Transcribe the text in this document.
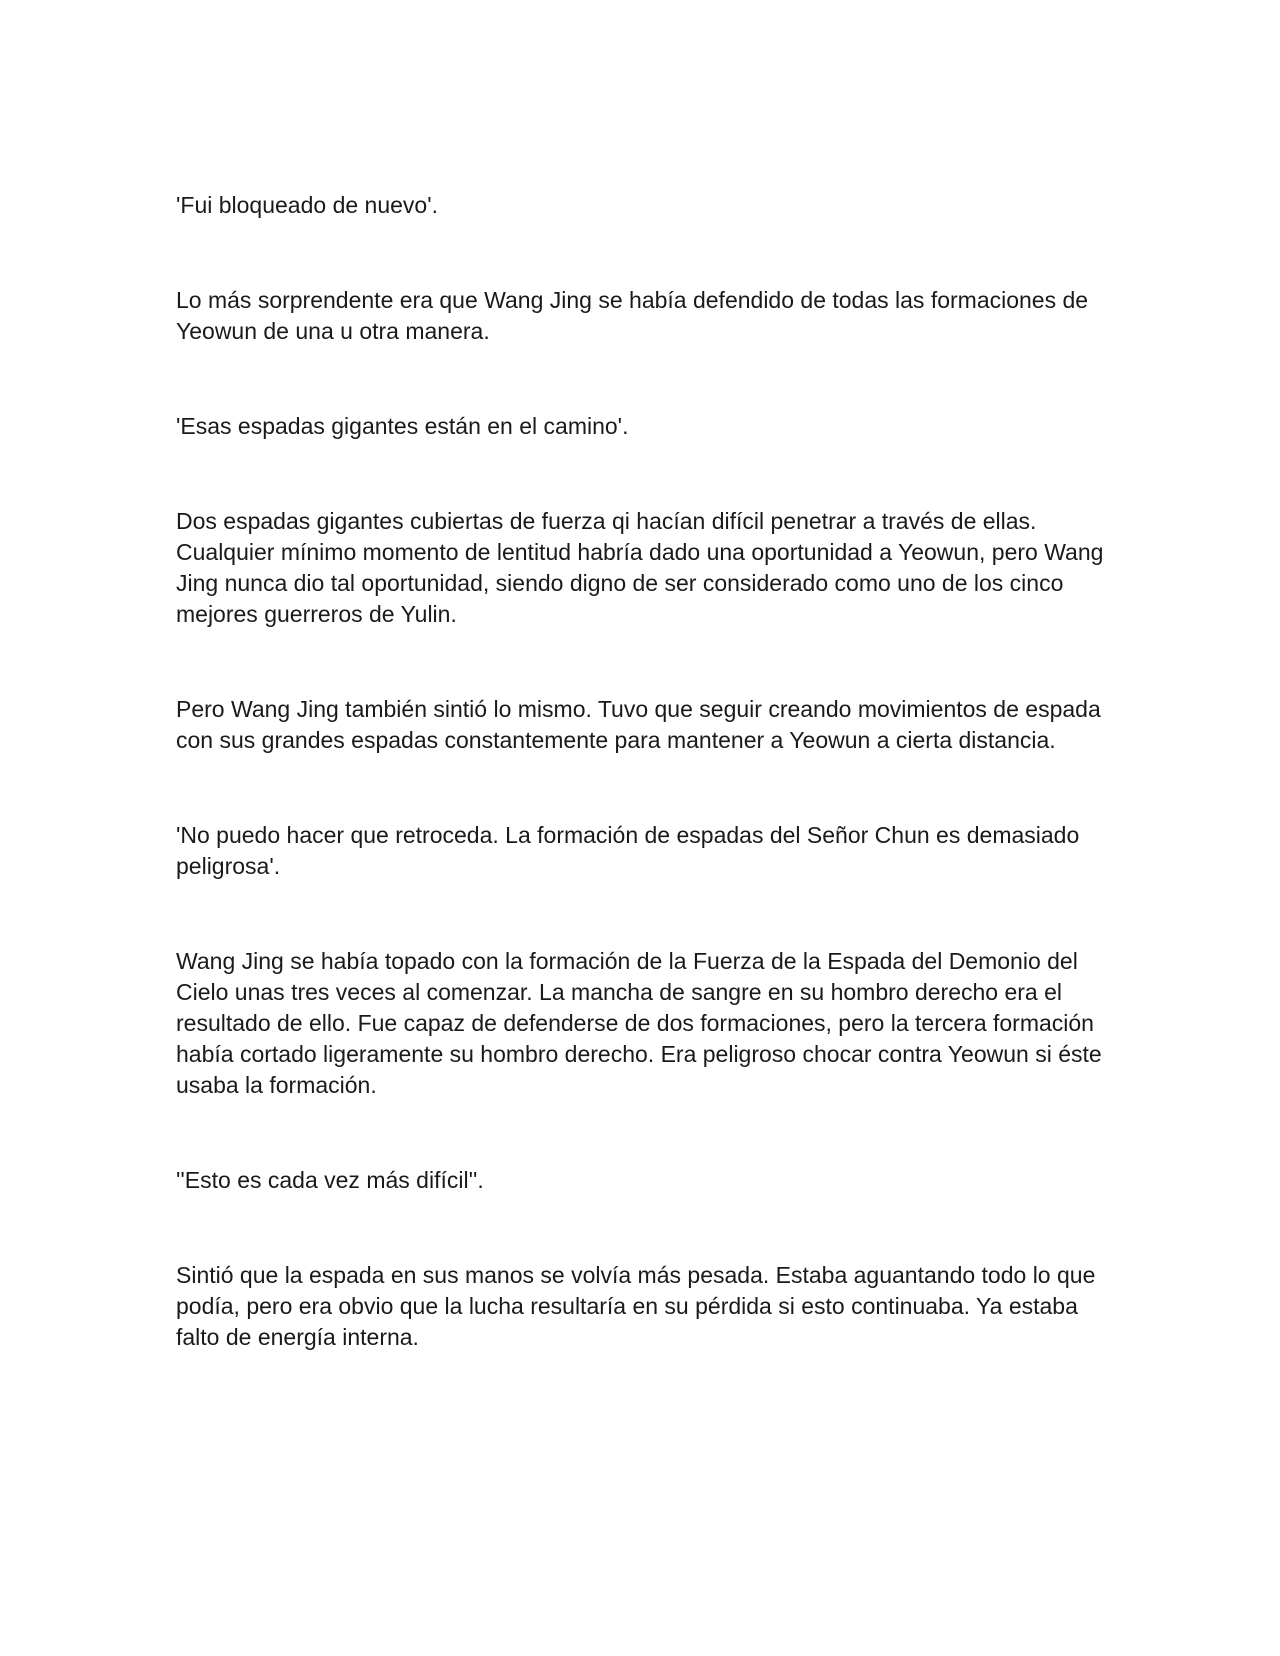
'Fui bloqueado de nuevo'.

Lo más sorprendente era que Wang Jing se había defendido de todas las formaciones de Yeowun de una u otra manera.

'Esas espadas gigantes están en el camino'.

Dos espadas gigantes cubiertas de fuerza qi hacían difícil penetrar a través de ellas. Cualquier mínimo momento de lentitud habría dado una oportunidad a Yeowun, pero Wang Jing nunca dio tal oportunidad, siendo digno de ser considerado como uno de los cinco mejores guerreros de Yulin.

Pero Wang Jing también sintió lo mismo. Tuvo que seguir creando movimientos de espada con sus grandes espadas constantemente para mantener a Yeowun a cierta distancia.

'No puedo hacer que retroceda. La formación de espadas del Señor Chun es demasiado peligrosa'.

Wang Jing se había topado con la formación de la Fuerza de la Espada del Demonio del Cielo unas tres veces al comenzar. La mancha de sangre en su hombro derecho era el resultado de ello. Fue capaz de defenderse de dos formaciones, pero la tercera formación había cortado ligeramente su hombro derecho. Era peligroso chocar contra Yeowun si éste usaba la formación.

''Esto es cada vez más difícil''.

Sintió que la espada en sus manos se volvía más pesada. Estaba aguantando todo lo que podía, pero era obvio que la lucha resultaría en su pérdida si esto continuaba. Ya estaba falto de energía interna.
